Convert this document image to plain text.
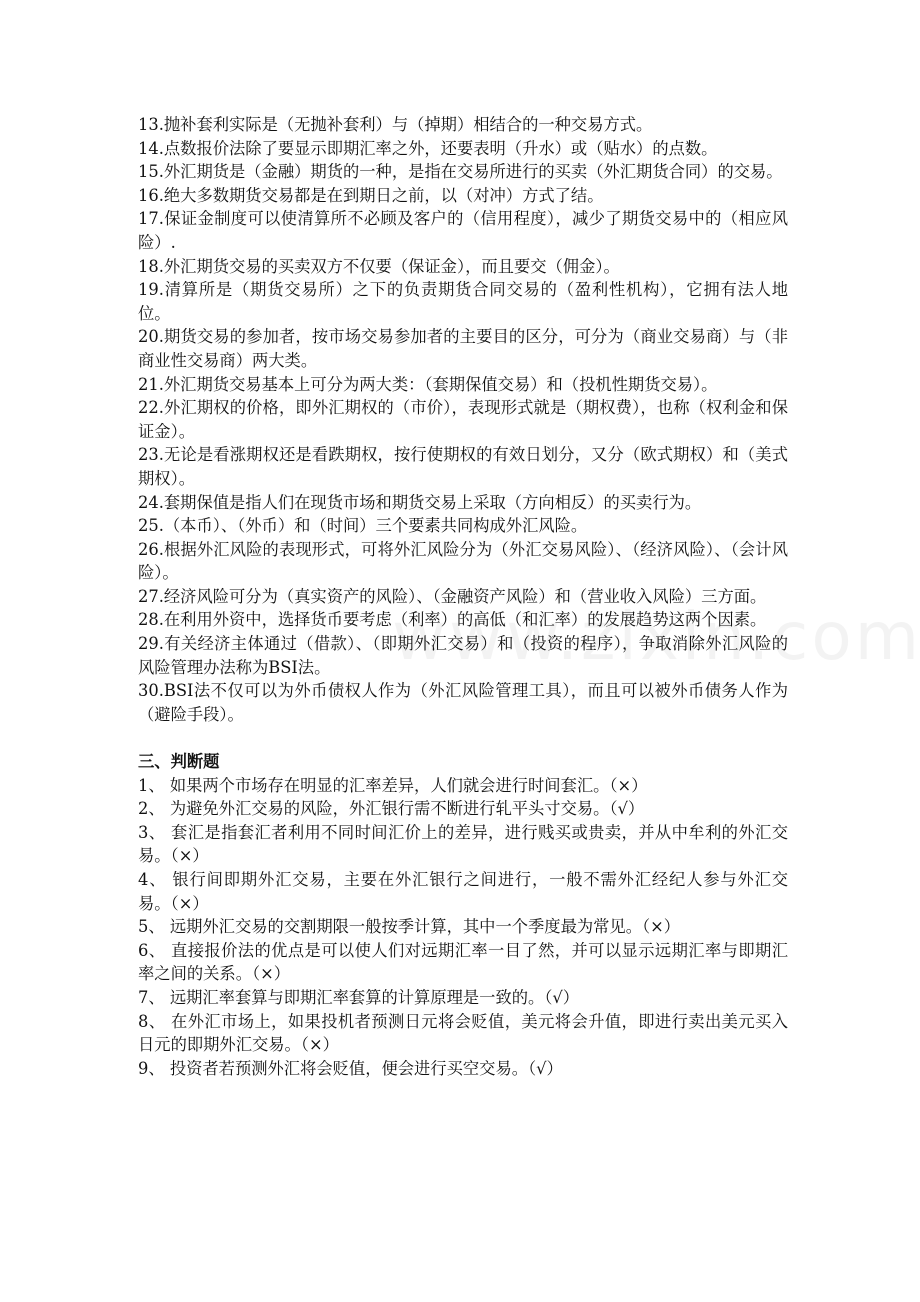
13.抛补套利实际是（无抛补套利）与（掉期）相结合的一种交易方式。
14.点数报价法除了要显示即期汇率之外，还要表明（升水）或（贴水）的点数。
15.外汇期货是（金融）期货的一种，是指在交易所进行的买卖（外汇期货合同）的交易。
16.绝大多数期货交易都是在到期日之前，以（对冲）方式了结。
17.保证金制度可以使清算所不必顾及客户的（信用程度），减少了期货交易中的（相应风险）.
18.外汇期货交易的买卖双方不仅要（保证金），而且要交（佣金）。
19.清算所是（期货交易所）之下的负责期货合同交易的（盈利性机构），它拥有法人地位。
20.期货交易的参加者，按市场交易参加者的主要目的区分，可分为（商业交易商）与（非商业性交易商）两大类。
21.外汇期货交易基本上可分为两大类：（套期保值交易）和（投机性期货交易）。
22.外汇期权的价格，即外汇期权的（市价），表现形式就是（期权费），也称（权利金和保证金）。
23.无论是看涨期权还是看跌期权，按行使期权的有效日划分，又分（欧式期权）和（美式期权）。
24.套期保值是指人们在现货市场和期货交易上采取（方向相反）的买卖行为。
25.（本币）、（外币）和（时间）三个要素共同构成外汇风险。
26.根据外汇风险的表现形式，可将外汇风险分为（外汇交易风险）、（经济风险）、（会计风险）。
27.经济风险可分为（真实资产的风险）、（金融资产风险）和（营业收入风险）三方面。
28.在利用外资中，选择货币要考虑（利率）的高低（和汇率）的发展趋势这两个因素。
29.有关经济主体通过（借款）、（即期外汇交易）和（投资的程序），争取消除外汇风险的风险管理办法称为BSI法。
30.BSI法不仅可以为外币债权人作为（外汇风险管理工具），而且可以被外币债务人作为（避险手段）。
三、判断题
1、 如果两个市场存在明显的汇率差异，人们就会进行时间套汇。（×）
2、 为避免外汇交易的风险，外汇银行需不断进行轧平头寸交易。（√）
3、 套汇是指套汇者利用不同时间汇价上的差异，进行贱买或贵卖，并从中牟利的外汇交易。（×）
4、 银行间即期外汇交易，主要在外汇银行之间进行，一般不需外汇经纪人参与外汇交易。（×）
5、 远期外汇交易的交割期限一般按季计算，其中一个季度最为常见。（×）
6、 直接报价法的优点是可以使人们对远期汇率一目了然，并可以显示远期汇率与即期汇率之间的关系。（×）
7、 远期汇率套算与即期汇率套算的计算原理是一致的。（√）
8、 在外汇市场上，如果投机者预测日元将会贬值，美元将会升值，即进行卖出美元买入日元的即期外汇交易。（×）
9、 投资者若预测外汇将会贬值，便会进行买空交易。（√）
